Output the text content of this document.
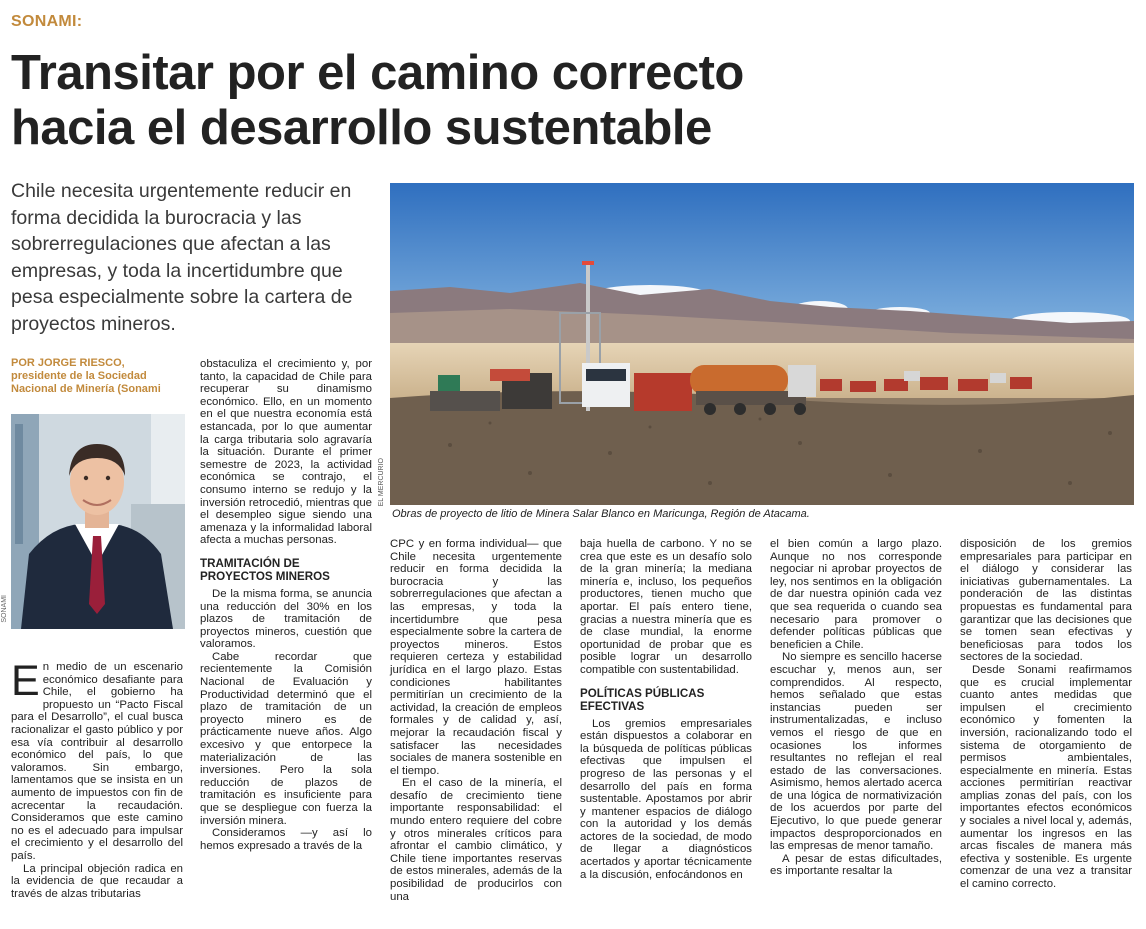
SONAMI:
Transitar por el camino correcto
hacia el desarrollo sustentable

Chile necesita urgentemente reducir en forma decidida la burocracia y las sobrerregulaciones que afectan a las empresas, y toda la incertidumbre que pesa especialmente sobre la cartera de proyectos mineros.

POR JORGE RIESCO,
presidente de la Sociedad Nacional de Minería (Sonami
SONAMI
EL MERCURIO
Obras de proyecto de litio de Minera Salar Blanco en Maricunga, Región de Atacama.

En medio de un escenario económico desafiante para Chile, el gobierno ha propuesto un “Pacto Fiscal para el Desarrollo”, el cual busca racionalizar el gasto público y por esa vía contribuir al desarrollo económico del país, lo que valoramos. Sin embargo, lamentamos que se insista en un aumento de impuestos con fin de acrecentar la recaudación. Consideramos que este camino no es el adecuado para impulsar el crecimiento y el desarrollo del país.

La principal objeción radica en la evidencia de que recaudar a través de alzas tributarias

obstaculiza el crecimiento y, por tanto, la capacidad de Chile para recuperar su dinamismo económico. Ello, en un momento en el que nuestra economía está estancada, por lo que aumentar la carga tributaria solo agravaría la situación. Durante el primer semestre de 2023, la actividad económica se contrajo, el consumo interno se redujo y la inversión retrocedió, mientras que el desempleo sigue siendo una amenaza y la informalidad laboral afecta a muchas personas.

TRAMITACIÓN DE PROYECTOS MINEROS

De la misma forma, se anuncia una reducción del 30% en los plazos de tramitación de proyectos mineros, cuestión que valoramos.

Cabe recordar que recientemente la Comisión Nacional de Evaluación y Productividad determinó que el plazo de tramitación de un proyecto minero es de prácticamente nueve años. Algo excesivo y que entorpece la materialización de las inversiones. Pero la sola reducción de plazos de tramitación es insuficiente para que se despliegue con fuerza la inversión minera.

Consideramos —y así lo hemos expresado a través de la

CPC y en forma individual— que Chile necesita urgentemente reducir en forma decidida la burocracia y las sobrerregulaciones que afectan a las empresas, y toda la incertidumbre que pesa especialmente sobre la cartera de proyectos mineros. Estos requieren certeza y estabilidad jurídica en el largo plazo. Estas condiciones habilitantes permitirían un crecimiento de la actividad, la creación de empleos formales y de calidad y, así, mejorar la recaudación fiscal y satisfacer las necesidades sociales de manera sostenible en el tiempo.

En el caso de la minería, el desafío de crecimiento tiene importante responsabilidad: el mundo entero requiere del cobre y otros minerales críticos para afrontar el cambio climático, y Chile tiene importantes reservas de estos minerales, además de la posibilidad de producirlos con una

baja huella de carbono. Y no se crea que este es un desafío solo de la gran minería; la mediana minería e, incluso, los pequeños productores, tienen mucho que aportar. El país entero tiene, gracias a nuestra minería que es de clase mundial, la enorme oportunidad de probar que es posible lograr un desarrollo compatible con sustentabilidad.

POLÍTICAS PÚBLICAS EFECTIVAS

Los gremios empresariales están dispuestos a colaborar en la búsqueda de políticas públicas efectivas que impulsen el progreso de las personas y el desarrollo del país en forma sustentable. Apostamos por abrir y mantener espacios de diálogo con la autoridad y los demás actores de la sociedad, de modo de llegar a diagnósticos acertados y aportar técnicamente a la discusión, enfocándonos en

el bien común a largo plazo. Aunque no nos corresponde negociar ni aprobar proyectos de ley, nos sentimos en la obligación de dar nuestra opinión cada vez que sea requerida o cuando sea necesario para promover o defender políticas públicas que beneficien a Chile.

No siempre es sencillo hacerse escuchar y, menos aun, ser comprendidos. Al respecto, hemos señalado que estas instancias pueden ser instrumentalizadas, e incluso vemos el riesgo de que en ocasiones los informes resultantes no reflejan el real estado de las conversaciones. Asimismo, hemos alertado acerca de una lógica de normativización de los acuerdos por parte del Ejecutivo, lo que puede generar impactos desproporcionados en las empresas de menor tamaño.

A pesar de estas dificultades, es importante resaltar la

disposición de los gremios empresariales para participar en el diálogo y considerar las iniciativas gubernamentales. La ponderación de las distintas propuestas es fundamental para garantizar que las decisiones que se tomen sean efectivas y beneficiosas para todos los sectores de la sociedad.

Desde Sonami reafirmamos que es crucial implementar cuanto antes medidas que impulsen el crecimiento económico y fomenten la inversión, racionalizando todo el sistema de otorgamiento de permisos ambientales, especialmente en minería. Estas acciones permitirían reactivar amplias zonas del país, con los importantes efectos económicos y sociales a nivel local y, además, aumentar los ingresos en las arcas fiscales de manera más efectiva y sostenible. Es urgente comenzar de una vez a transitar el camino correcto.
